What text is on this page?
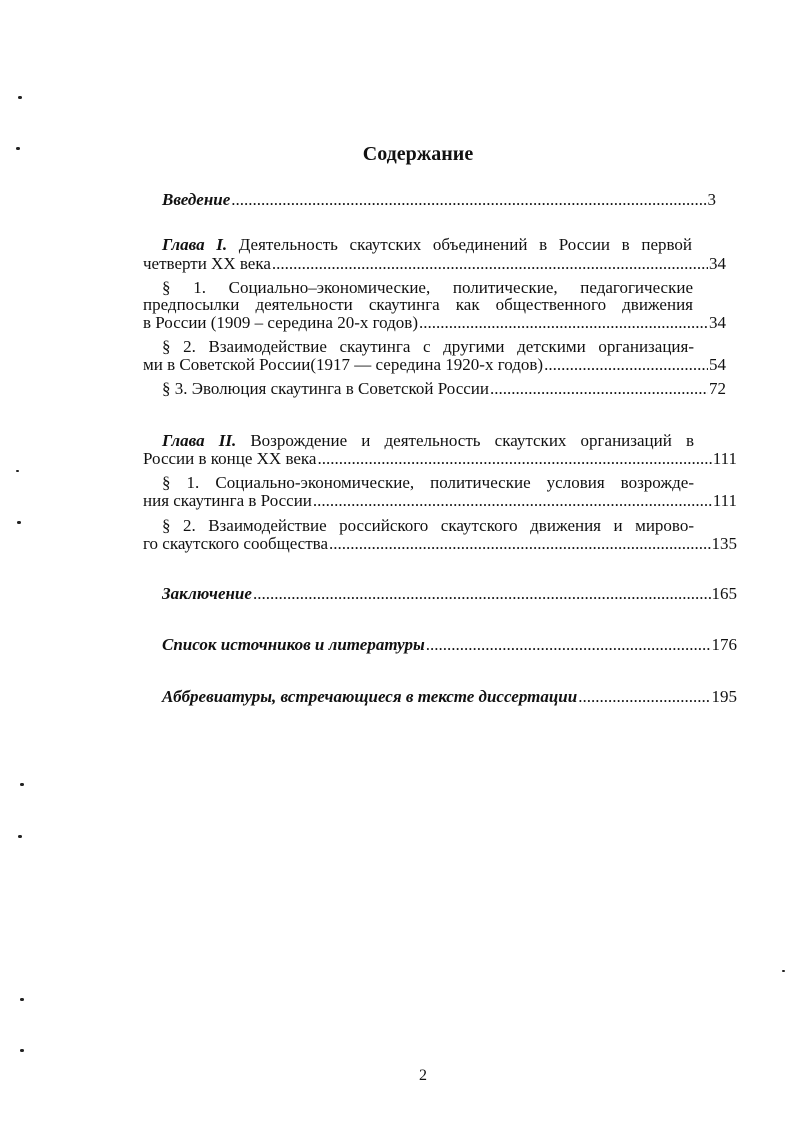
Содержание
Введение .....	3
Глава I. Деятельность скаутских объединений в России в первой
четверти XX века .....	34
§ 1. Социально–экономические, политические, педагогические
предпосылки деятельности скаутинга как общественного движения
в России (1909 – середина 20-х годов) .....	34
§ 2. Взаимодействие скаутинга с другими детскими организация-
ми в Советской России(1917 — середина 1920-х годов) .....	54
§ 3. Эволюция скаутинга в Советской России .....	72
Глава II. Возрождение и деятельность скаутских организаций в
России в конце XX века .....	111
§ 1. Социально-экономические, политические условия возрожде-
ния скаутинга в России .....	111
§ 2. Взаимодействие российского скаутского движения и мирово-
го скаутского сообщества .....	135
Заключение .....	165
Список источников и литературы .....	176
Аббревиатуры, встречающиеся в тексте диссертации .....	195
2
